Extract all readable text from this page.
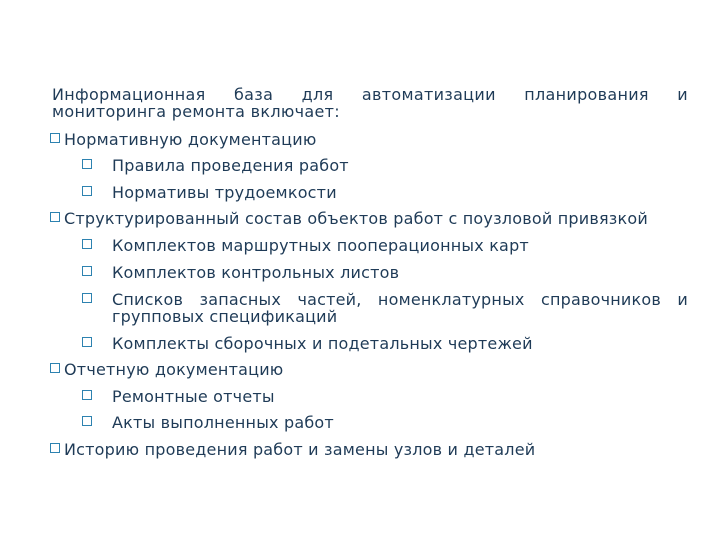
Информационная база для автоматизации планирования и мониторинга ремонта включает:
Нормативную документацию
Правила проведения работ
Нормативы трудоемкости
Структурированный состав объектов работ с поузловой привязкой
Комплектов маршрутных пооперационных карт
Комплектов контрольных листов
Списков запасных частей, номенклатурных справочников и групповых спецификаций
Комплекты сборочных и подетальных чертежей
Отчетную документацию
Ремонтные отчеты
Акты выполненных работ
Историю проведения работ и замены узлов и деталей
